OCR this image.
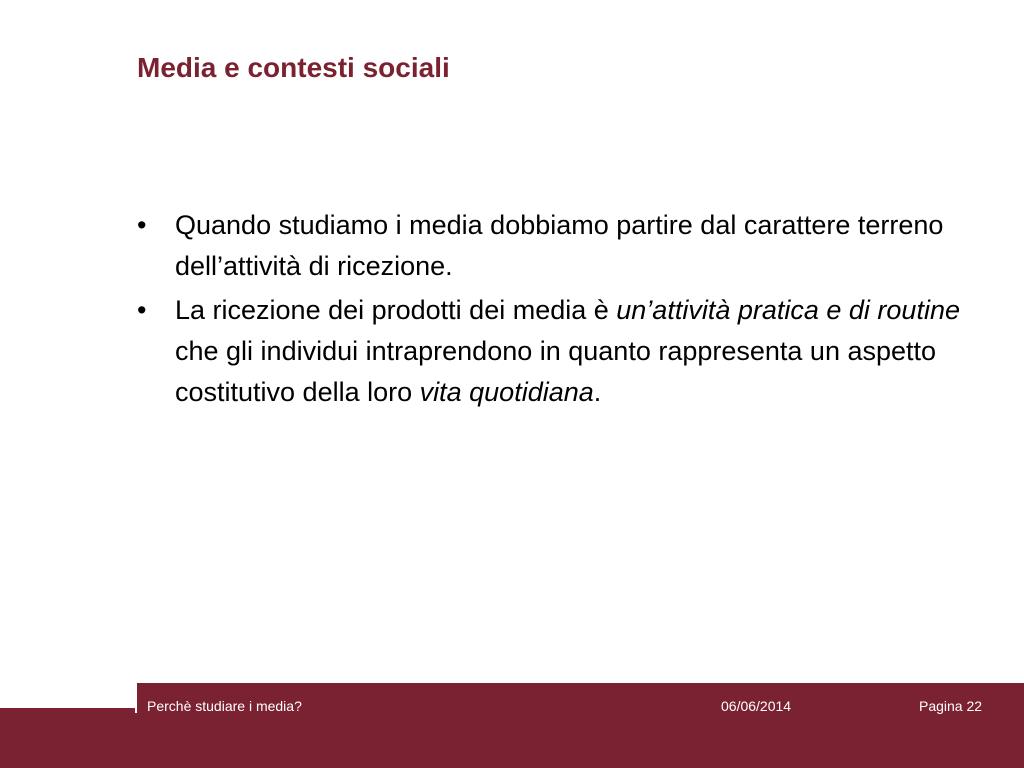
Media e contesti sociali
•	Quando studiamo i media dobbiamo partire dal carattere terreno dell’attività di ricezione.
•	La ricezione dei prodotti dei media è un’attività pratica e di routine che gli individui intraprendono in quanto rappresenta un aspetto costitutivo della loro vita quotidiana.
Perchè studiare i media?	06/06/2014	Pagina 22
